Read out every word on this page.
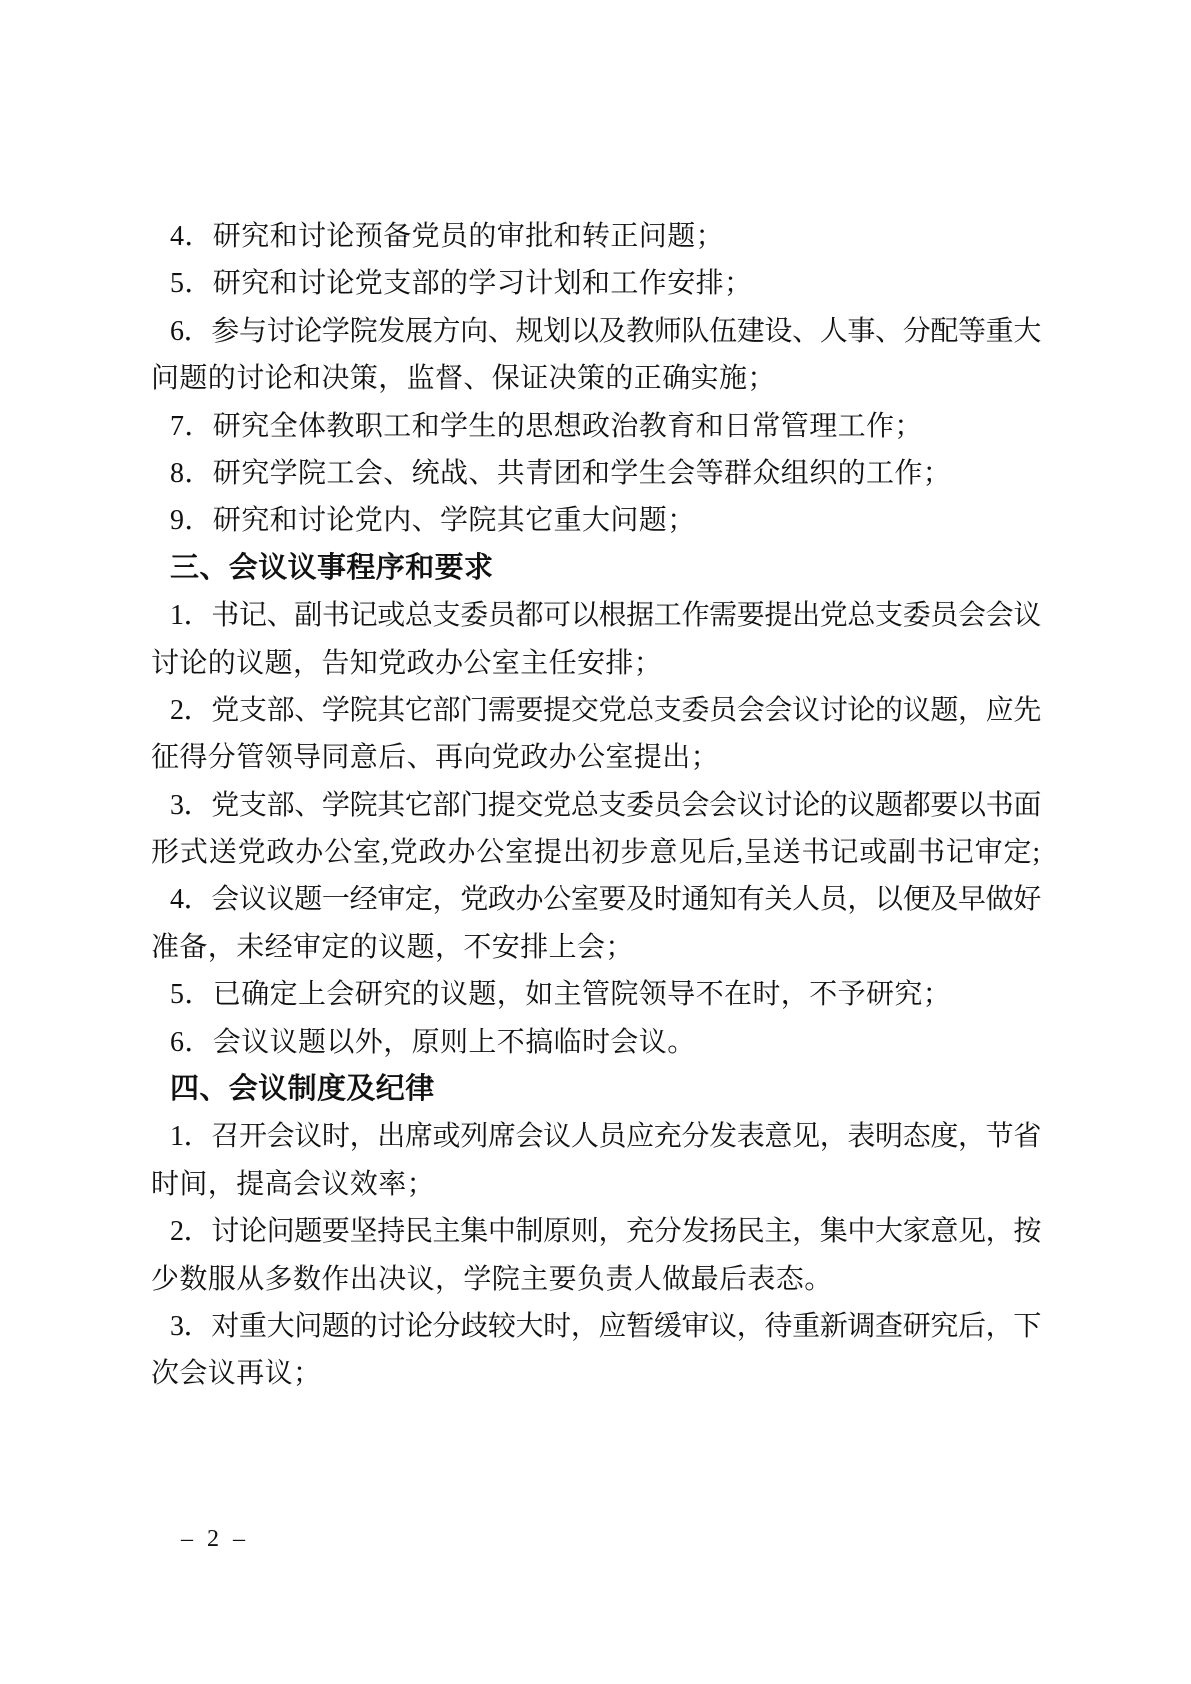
4．研究和讨论预备党员的审批和转正问题；
5．研究和讨论党支部的学习计划和工作安排；
6．参与讨论学院发展方向、规划以及教师队伍建设、人事、分配等重大
问题的讨论和决策，监督、保证决策的正确实施；
7．研究全体教职工和学生的思想政治教育和日常管理工作；
8．研究学院工会、统战、共青团和学生会等群众组织的工作；
9．研究和讨论党内、学院其它重大问题；
三、会议议事程序和要求
1．书记、副书记或总支委员都可以根据工作需要提出党总支委员会会议
讨论的议题，告知党政办公室主任安排；
2．党支部、学院其它部门需要提交党总支委员会会议讨论的议题，应先
征得分管领导同意后、再向党政办公室提出；
3．党支部、学院其它部门提交党总支委员会会议讨论的议题都要以书面
形式送党政办公室,党政办公室提出初步意见后,呈送书记或副书记审定;
4．会议议题一经审定，党政办公室要及时通知有关人员，以便及早做好
准备，未经审定的议题，不安排上会；
5．已确定上会研究的议题，如主管院领导不在时，不予研究；
6．会议议题以外，原则上不搞临时会议。
四、会议制度及纪律
1．召开会议时，出席或列席会议人员应充分发表意见，表明态度，节省
时间，提高会议效率；
2．讨论问题要坚持民主集中制原则，充分发扬民主，集中大家意见，按
少数服从多数作出决议，学院主要负责人做最后表态。
3．对重大问题的讨论分歧较大时，应暂缓审议，待重新调查研究后，下
次会议再议；
– 2 –
